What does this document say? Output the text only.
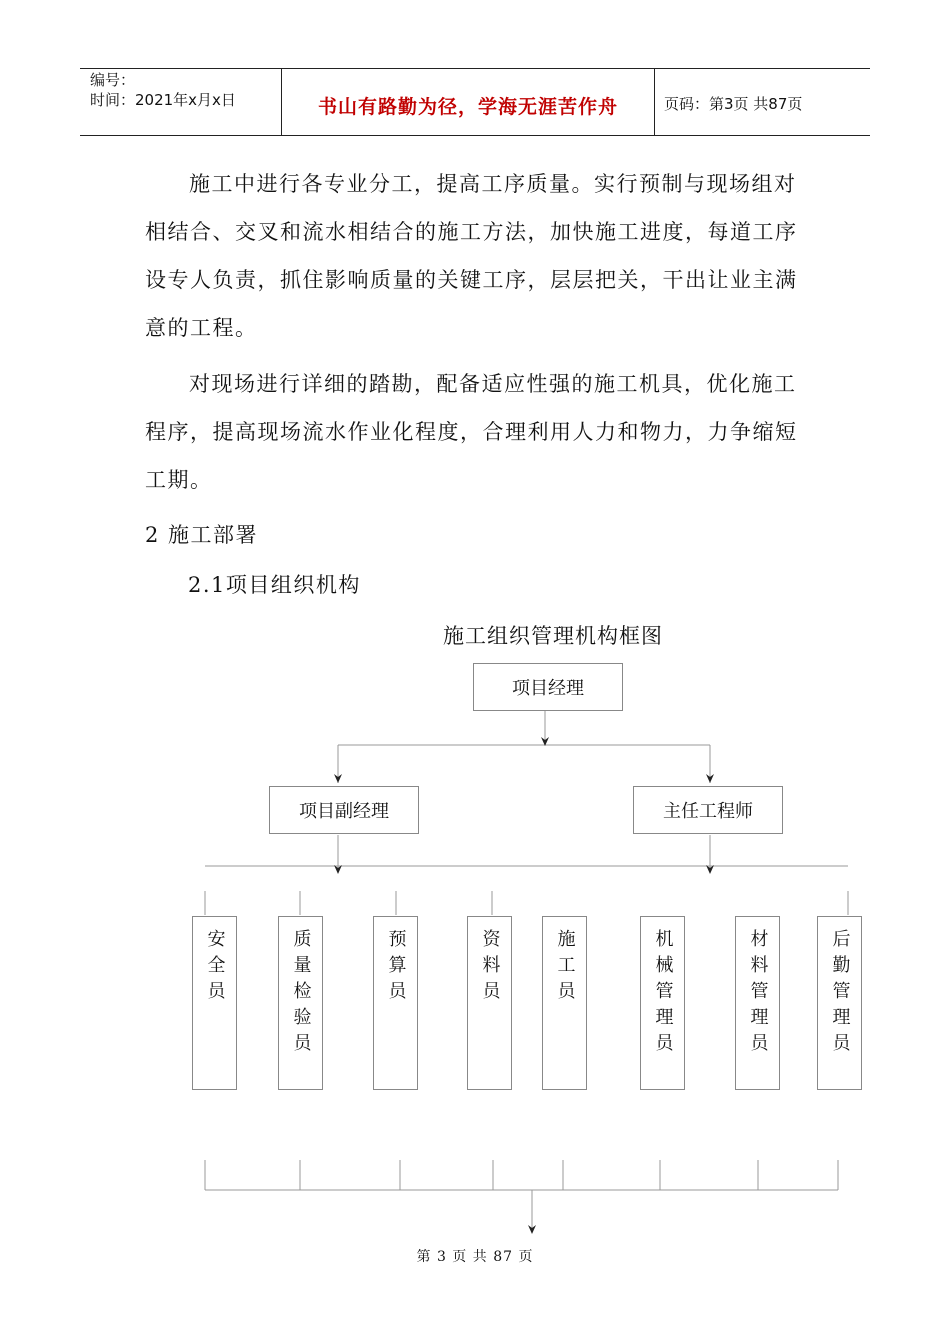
编号：
时间：2021年x月x日	书山有路勤为径，学海无涯苦作舟	页码：第3页 共87页
施工中进行各专业分工，提高工序质量。实行预制与现场组对相结合、交叉和流水相结合的施工方法，加快施工进度，每道工序设专人负责，抓住影响质量的关键工序，层层把关，干出让业主满意的工程。
对现场进行详细的踏勘，配备适应性强的施工机具，优化施工程序，提高现场流水作业化程度，合理利用人力和物力，力争缩短工期。
2 施工部署
2.1项目组织机构
施工组织管理机构框图
项目经理
项目副经理	主任工程师
安全员	质量检验员	预算员	资料员	施工员	机械管理员	材料管理员	后勤管理员
第 3 页 共 87 页
